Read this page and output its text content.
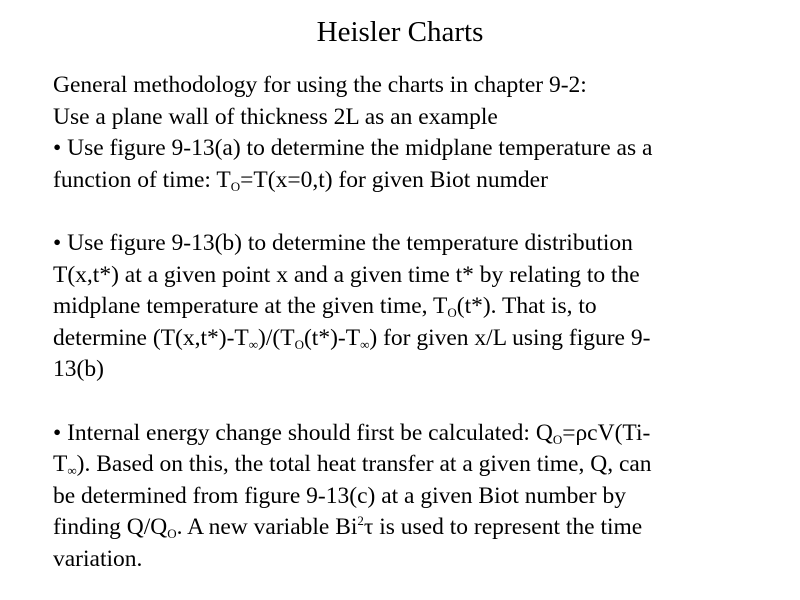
Heisler Charts
General methodology for using the charts in chapter 9-2:
Use a plane wall of thickness 2L as an example
• Use figure 9-13(a) to determine the midplane temperature as a
function of time: $T_O=T(x=0,t)$ for given Biot numder
• Use figure 9-13(b) to determine the temperature distribution
T(x,t*) at a given point x and a given time t* by relating to the
midplane temperature at the given time, $T_O(t*)$. That is, to
determine $(T(x,t*)-T_\infty)/(T_O(t*)-T_\infty)$ for given x/L using figure 9-
13(b)
• Internal energy change should first be calculated: $Q_O=\rho cV(Ti-$
$T_\infty$). Based on this, the total heat transfer at a given time, Q, can
be determined from figure 9-13(c) at a given Biot number by
finding $Q/Q_O$. A new variable Bi$^2$τ is used to represent the time
variation.
